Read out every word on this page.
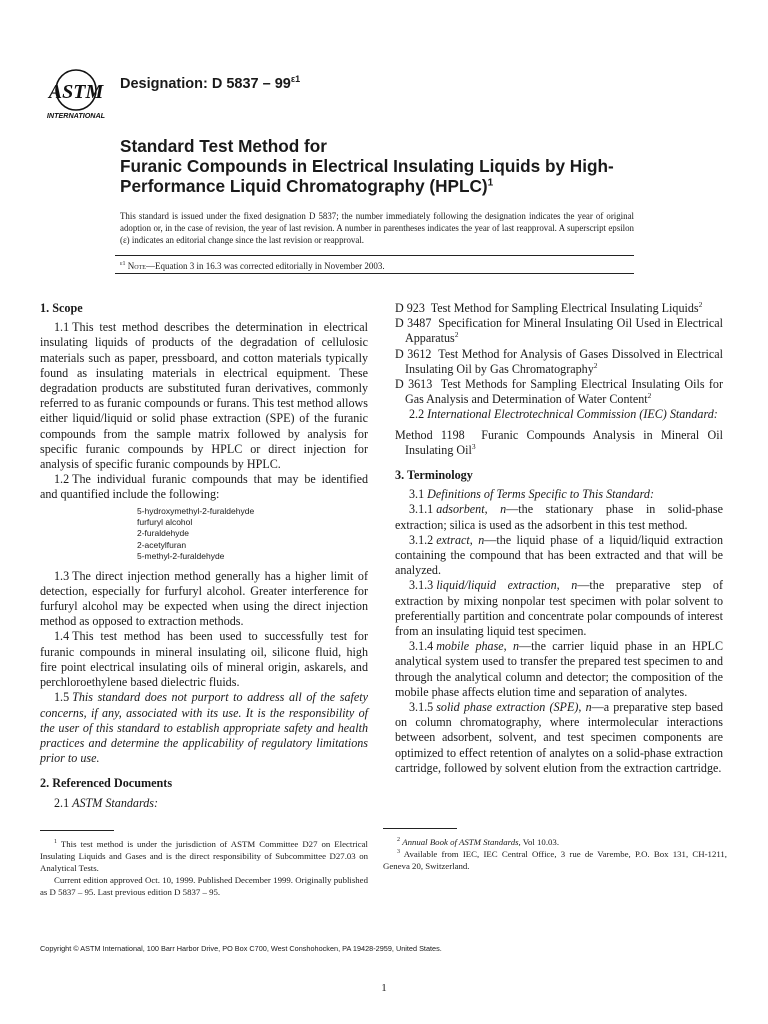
ASTM
INTERNATIONAL
Designation: D $5837 - 99^{\varepsilon 1}$
Standard Test Method for
Furanic Compounds in Electrical Insulating Liquids by High-
Performance Liquid Chromatography (HPLC)$^1$
This standard is issued under the fixed designation D 5837; the number immediately following the designation indicates the year of original adoption or, in the case of revision, the year of last revision. A number in parentheses indicates the year of last reapproval. A superscript epsilon (ε) indicates an editorial change since the last revision or reapproval.
$^{\varepsilon 1}$ Note—Equation 3 in 16.3 was corrected editorially in November 2003.

1. Scope

1.1 This test method describes the determination in electrical insulating liquids of products of the degradation of cellulosic materials such as paper, pressboard, and cotton materials typically found as insulating materials in electrical equipment. These degradation products are substituted furan derivatives, commonly referred to as furanic compounds or furans. This test method allows either liquid/liquid or solid phase extraction (SPE) of the furanic compounds from the sample matrix followed by analysis for specific furanic compounds by HPLC or direct injection for analysis of specific furanic compounds by HPLC.

1.2 The individual furanic compounds that may be identified and quantified include the following:

5-hydroxymethyl-2-furaldehyde
furfuryl alcohol
2-furaldehyde
2-acetylfuran
5-methyl-2-furaldehyde

1.3 The direct injection method generally has a higher limit of detection, especially for furfuryl alcohol. Greater interference for furfuryl alcohol may be expected when using the direct injection method as opposed to extraction methods.

1.4 This test method has been used to successfully test for furanic compounds in mineral insulating oil, silicone fluid, high fire point electrical insulating oils of mineral origin, askarels, and perchloroethylene based dielectric fluids.

1.5 This standard does not purport to address all of the safety concerns, if any, associated with its use. It is the responsibility of the user of this standard to establish appropriate safety and health practices and determine the applicability of regulatory limitations prior to use.

2. Referenced Documents

2.1 ASTM Standards:

D 923 Test Method for Sampling Electrical Insulating Liquids$^2$

D 3487 Specification for Mineral Insulating Oil Used in Electrical Apparatus$^2$

D 3612 Test Method for Analysis of Gases Dissolved in Electrical Insulating Oil by Gas Chromatography$^2$

D 3613 Test Methods for Sampling Electrical Insulating Oils for Gas Analysis and Determination of Water Content$^2$

2.2 International Electrotechnical Commission (IEC) Standard:

Method 1198 Furanic Compounds Analysis in Mineral Oil Insulating Oil$^3$

3. Terminology

3.1 Definitions of Terms Specific to This Standard:

3.1.1 adsorbent, n—the stationary phase in solid-phase extraction; silica is used as the adsorbent in this test method.

3.1.2 extract, n—the liquid phase of a liquid/liquid extraction containing the compound that has been extracted and that will be analyzed.

3.1.3 liquid/liquid extraction, n—the preparative step of extraction by mixing nonpolar test specimen with polar solvent to preferentially partition and concentrate polar compounds of interest from an insulating liquid test specimen.

3.1.4 mobile phase, n—the carrier liquid phase in an HPLC analytical system used to transfer the prepared test specimen to and through the analytical column and detector; the composition of the mobile phase affects elution time and separation of analytes.

3.1.5 solid phase extraction (SPE), n—a preparative step based on column chromatography, where intermolecular interactions between adsorbent, solvent, and test specimen components are optimized to effect retention of analytes on a solid-phase extraction cartridge, followed by solvent elution from the extraction cartridge.

$^1$ This test method is under the jurisdiction of ASTM Committee D27 on Electrical Insulating Liquids and Gases and is the direct responsibility of Subcommittee D27.03 on Analytical Tests.

Current edition approved Oct. 10, 1999. Published December 1999. Originally published as D 5837 – 95. Last previous edition D 5837 – 95.

$^2$ Annual Book of ASTM Standards, Vol 10.03.

$^3$ Available from IEC, IEC Central Office, 3 rue de Varembe, P.O. Box 131, CH-1211, Geneva 20, Switzerland.

Copyright © ASTM International, 100 Barr Harbor Drive, PO Box C700, West Conshohocken, PA 19428-2959, United States.
1
